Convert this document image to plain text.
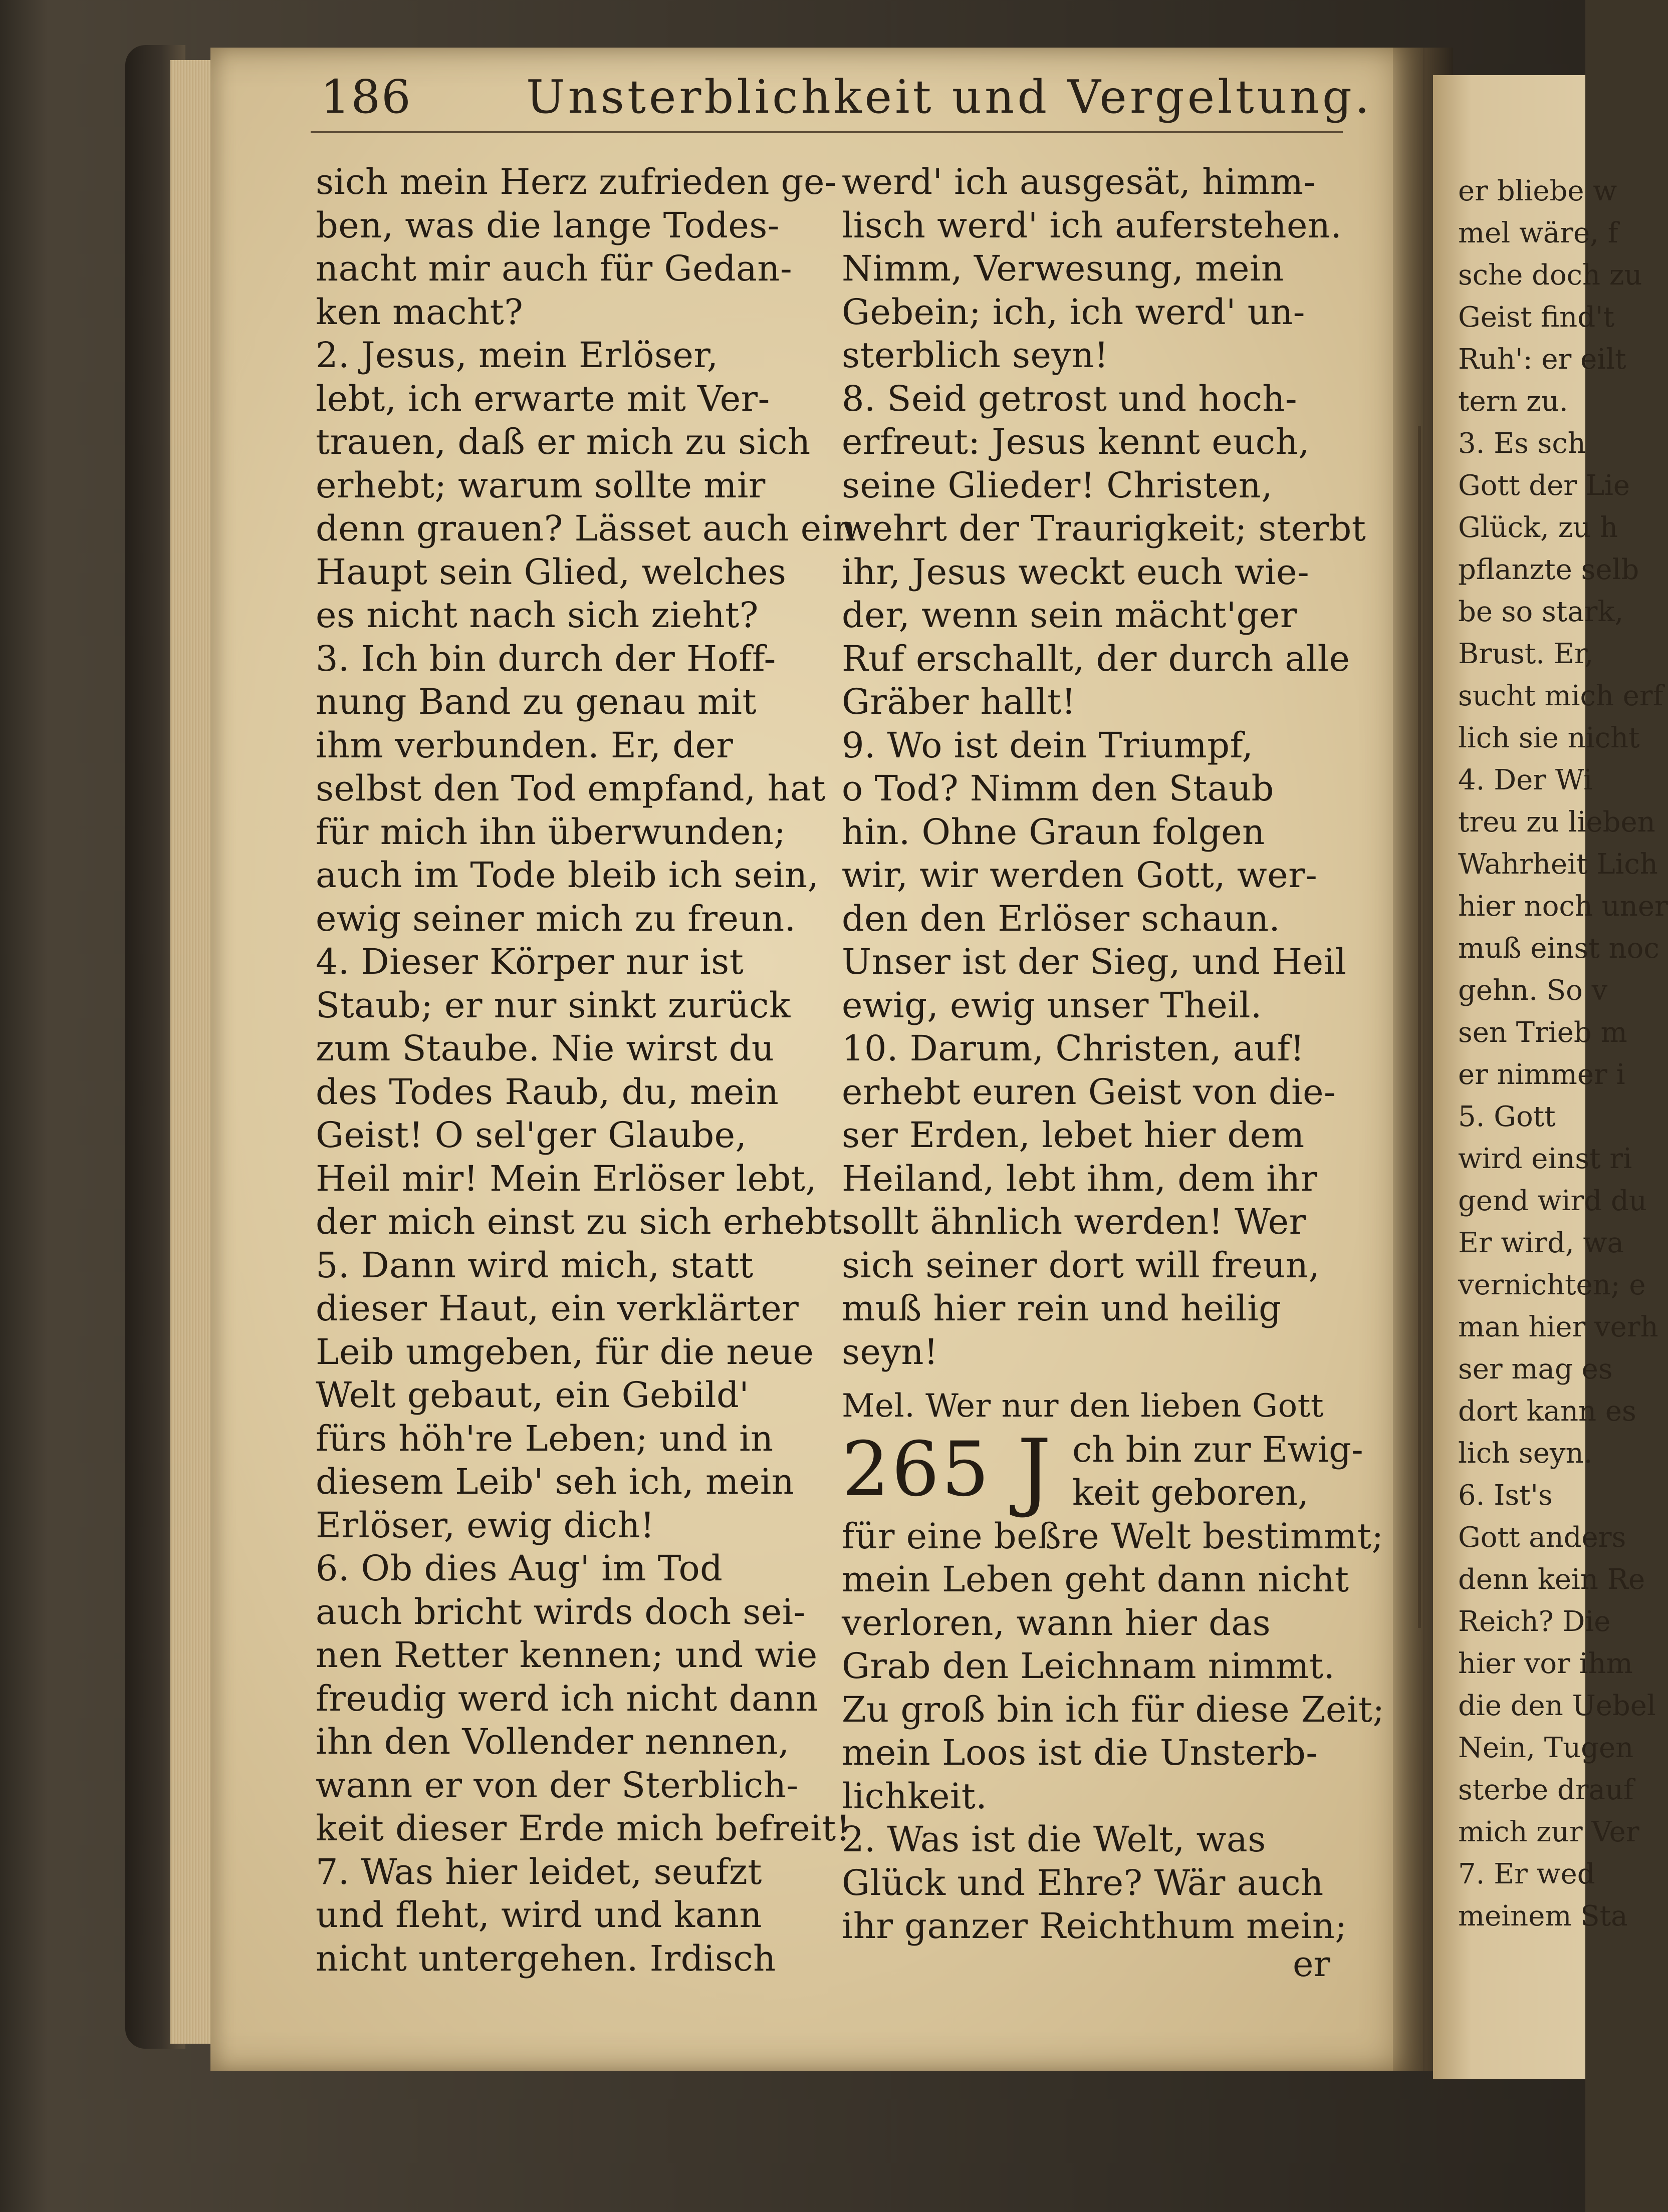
er bliebe w
mel wäre, f
sche doch zu
Geist find't
Ruh': er eilt
tern zu.
3. Es sch
Gott der Lie
Glück, zu h
pflanzte selb
be so stark,
Brust. Er,
sucht mich erf
lich sie nicht
4. Der Wi
treu zu lieben
Wahrheit Lich
hier noch uner
muß einst noc
gehn. So v
sen Trieb m
er nimmer i
5. Gott
wird einst ri
gend wird du
Er wird, wa
vernichten; e
man hier verh
ser mag es
dort kann es
lich seyn.
6. Ist's
Gott anders
denn kein Re
Reich? Die
hier vor ihm
die den Uebel
Nein, Tugen
sterbe drauf
mich zur Ver
7. Er wed
meinem Sta
186 Unsterblichkeit und Vergeltung.
sich mein Herz zufrieden ge-
ben, was die lange Todes-
nacht mir auch für Gedan-
ken macht?
2. Jesus, mein Erlöser,
lebt, ich erwarte mit Ver-
trauen, daß er mich zu sich
erhebt; warum sollte mir
denn grauen? Lässet auch ein
Haupt sein Glied, welches
es nicht nach sich zieht?
3. Ich bin durch der Hoff-
nung Band zu genau mit
ihm verbunden. Er, der
selbst den Tod empfand, hat
für mich ihn überwunden;
auch im Tode bleib ich sein,
ewig seiner mich zu freun.
4. Dieser Körper nur ist
Staub; er nur sinkt zurück
zum Staube. Nie wirst du
des Todes Raub, du, mein
Geist! O sel'ger Glaube,
Heil mir! Mein Erlöser lebt,
der mich einst zu sich erhebt.
5. Dann wird mich, statt
dieser Haut, ein verklärter
Leib umgeben, für die neue
Welt gebaut, ein Gebild'
fürs höh're Leben; und in
diesem Leib' seh ich, mein
Erlöser, ewig dich!
6. Ob dies Aug' im Tod
auch bricht wirds doch sei-
nen Retter kennen; und wie
freudig werd ich nicht dann
ihn den Vollender nennen,
wann er von der Sterblich-
keit dieser Erde mich befreit!
7. Was hier leidet, seufzt
und fleht, wird und kann
nicht untergehen. Irdisch
werd' ich ausgesät, himm-
lisch werd' ich auferstehen.
Nimm, Verwesung, mein
Gebein; ich, ich werd' un-
sterblich seyn!
8. Seid getrost und hoch-
erfreut: Jesus kennt euch,
seine Glieder! Christen,
wehrt der Traurigkeit; sterbt
ihr, Jesus weckt euch wie-
der, wenn sein mächt'ger
Ruf erschallt, der durch alle
Gräber hallt!
9. Wo ist dein Triumpf,
o Tod? Nimm den Staub
hin. Ohne Graun folgen
wir, wir werden Gott, wer-
den den Erlöser schaun.
Unser ist der Sieg, und Heil
ewig, ewig unser Theil.
10. Darum, Christen, auf!
erhebt euren Geist von die-
ser Erden, lebet hier dem
Heiland, lebt ihm, dem ihr
sollt ähnlich werden! Wer
sich seiner dort will freun,
muß hier rein und heilig
seyn!
Mel. Wer nur den lieben Gott
265 J ch bin zur Ewig-
keit geboren,
für eine beßre Welt bestimmt;
mein Leben geht dann nicht
verloren, wann hier das
Grab den Leichnam nimmt.
Zu groß bin ich für diese Zeit;
mein Loos ist die Unsterb-
lichkeit.
2. Was ist die Welt, was
Glück und Ehre? Wär auch
ihr ganzer Reichthum mein;
er
